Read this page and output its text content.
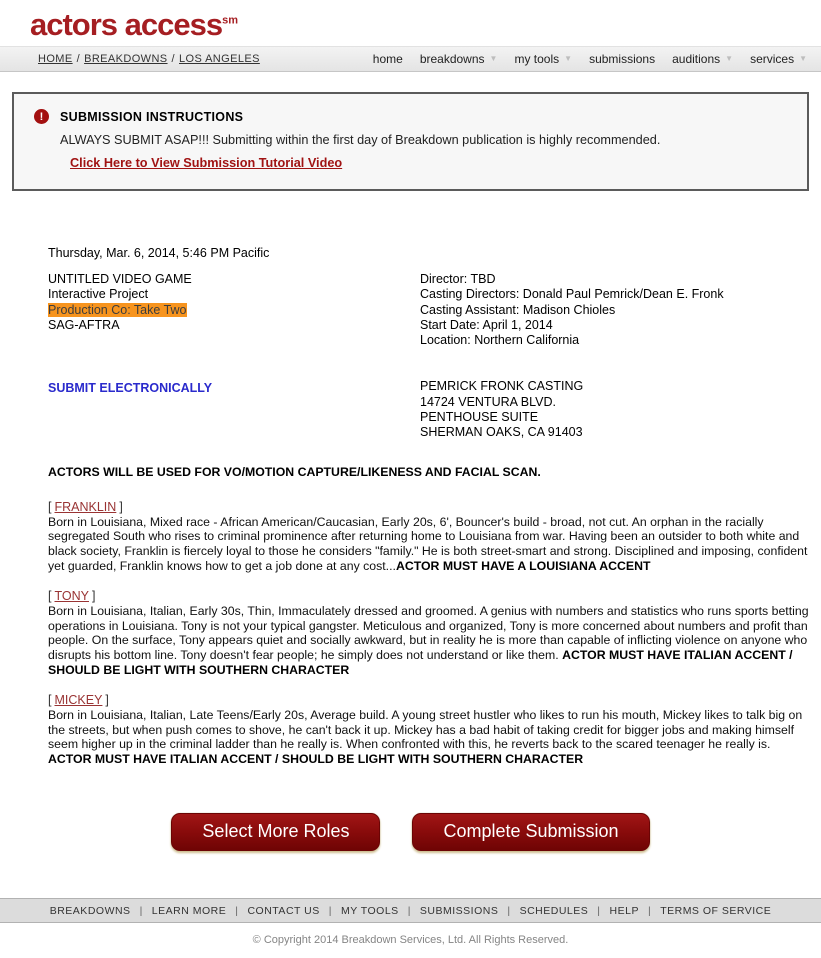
actors access$^{sm}$
HOME / BREAKDOWNS / LOS ANGELES	home breakdowns ▼ my tools ▼ submissions auditions ▼ services ▼
!	SUBMISSION INSTRUCTIONS
ALWAYS SUBMIT ASAP!!! Submitting within the first day of Breakdown publication is highly recommended.
Click Here to View Submission Tutorial Video
Thursday, Mar. 6, 2014, 5:46 PM Pacific
UNTITLED VIDEO GAME
Interactive Project
Production Co: Take Two
SAG-AFTRA
Director: TBD
Casting Directors: Donald Paul Pemrick/Dean E. Fronk
Casting Assistant: Madison Chioles
Start Date: April 1, 2014
Location: Northern California
SUBMIT ELECTRONICALLY	PEMRICK FRONK CASTING
14724 VENTURA BLVD.
PENTHOUSE SUITE
SHERMAN OAKS, CA 91403
ACTORS WILL BE USED FOR VO/MOTION CAPTURE/LIKENESS AND FACIAL SCAN.
[ FRANKLIN ]
Born in Louisiana, Mixed race - African American/Caucasian, Early 20s, 6', Bouncer's build - broad, not cut. An orphan in the racially segregated South who rises to criminal prominence after returning home to Louisiana from war. Having been an outsider to both white and black society, Franklin is fiercely loyal to those he considers "family." He is both street-smart and strong. Disciplined and imposing, confident yet guarded, Franklin knows how to get a job done at any cost...ACTOR MUST HAVE A LOUISIANA ACCENT
[ TONY ]
Born in Louisiana, Italian, Early 30s, Thin, Immaculately dressed and groomed. A genius with numbers and statistics who runs sports betting operations in Louisiana. Tony is not your typical gangster. Meticulous and organized, Tony is more concerned about numbers and profit than people. On the surface, Tony appears quiet and socially awkward, but in reality he is more than capable of inflicting violence on anyone who disrupts his bottom line. Tony doesn't fear people; he simply does not understand or like them. ACTOR MUST HAVE ITALIAN ACCENT / SHOULD BE LIGHT WITH SOUTHERN CHARACTER
[ MICKEY ]
Born in Louisiana, Italian, Late Teens/Early 20s, Average build. A young street hustler who likes to run his mouth, Mickey likes to talk big on the streets, but when push comes to shove, he can't back it up. Mickey has a bad habit of taking credit for bigger jobs and making himself seem higher up in the criminal ladder than he really is. When confronted with this, he reverts back to the scared teenager he really is. ACTOR MUST HAVE ITALIAN ACCENT / SHOULD BE LIGHT WITH SOUTHERN CHARACTER
Select More Roles	Complete Submission
BREAKDOWNS | LEARN MORE | CONTACT US | MY TOOLS | SUBMISSIONS | SCHEDULES | HELP | TERMS OF SERVICE
© Copyright 2014 Breakdown Services, Ltd. All Rights Reserved.
